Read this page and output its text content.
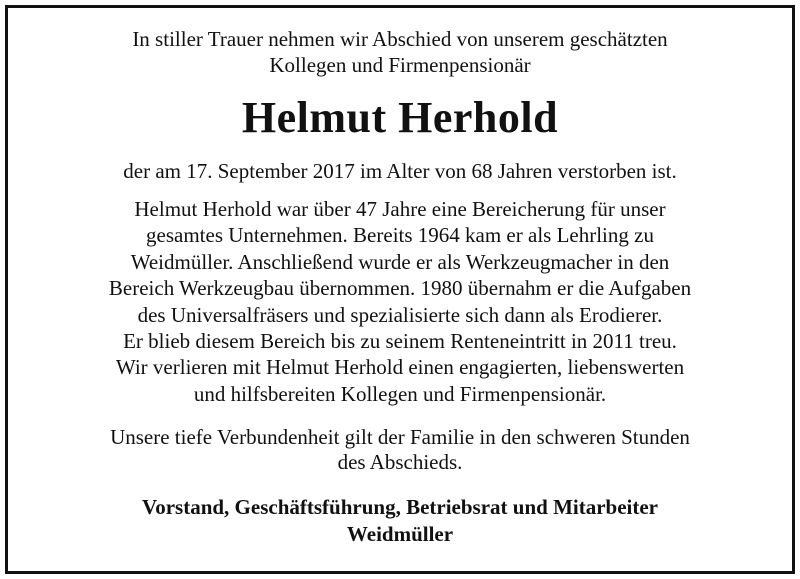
In stiller Trauer nehmen wir Abschied von unserem geschätzten
Kollegen und Firmenpensionär
Helmut Herhold
der am 17. September 2017 im Alter von 68 Jahren verstorben ist.
Helmut Herhold war über 47 Jahre eine Bereicherung für unser
gesamtes Unternehmen. Bereits 1964 kam er als Lehrling zu
Weidmüller. Anschließend wurde er als Werkzeugmacher in den
Bereich Werkzeugbau übernommen. 1980 übernahm er die Aufgaben
des Universalfräsers und spezialisierte sich dann als Erodierer.
Er blieb diesem Bereich bis zu seinem Renteneintritt in 2011 treu.
Wir verlieren mit Helmut Herhold einen engagierten, liebenswerten
und hilfsbereiten Kollegen und Firmenpensionär.
Unsere tiefe Verbundenheit gilt der Familie in den schweren Stunden
des Abschieds.
Vorstand, Geschäftsführung, Betriebsrat und Mitarbeiter
Weidmüller
